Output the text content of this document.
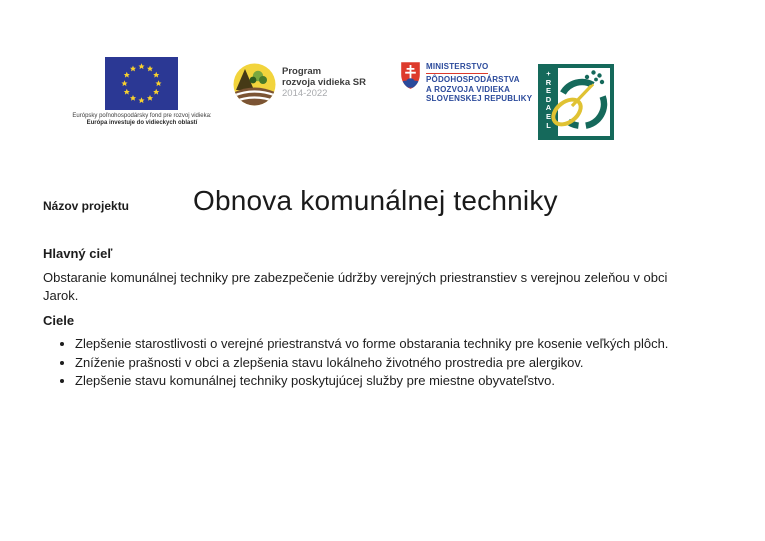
Európsky poľnohospodársky fond pre rozvoj vidieka:
Európa investuje do vidieckych oblastí
Program
rozvoja vidieka SR
2014-2022
MINISTERSTVO
PÔDOHOSPODÁRSTVA
A ROZVOJA VIDIEKA
SLOVENSKEJ REPUBLIKY
+
R
E
D
A
E
L
Názov projektu	Obnova komunálnej techniky
Hlavný cieľ
Obstaranie komunálnej techniky pre zabezpečenie údržby verejných priestranstiev s verejnou zeleňou v obci Jarok.
Ciele
• Zlepšenie starostlivosti o verejné priestranstvá vo forme obstarania techniky pre kosenie veľkých plôch.
• Zníženie prašnosti v obci a zlepšenia stavu lokálneho životného prostredia pre alergikov.
• Zlepšenie stavu komunálnej techniky poskytujúcej služby pre miestne obyvateľstvo.
